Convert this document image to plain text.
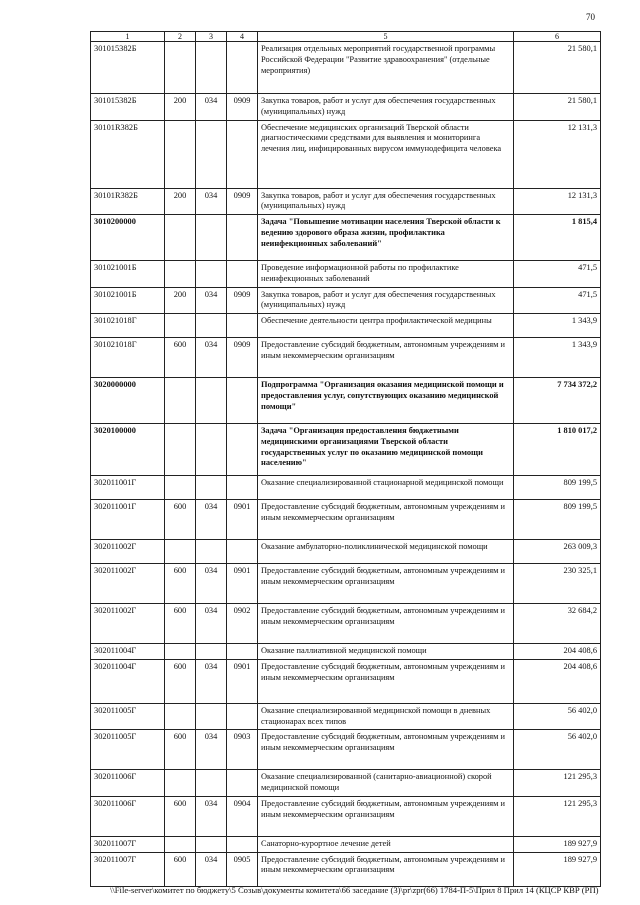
70
1	2	3	4	5	6
301015382Б				Реализация отдельных мероприятий государственной программы Российской Федерации "Развитие здравоохранения" (отдельные мероприятия)	21 580,1
301015382Б	200	034	0909	Закупка товаров, работ и услуг для обеспечения государственных (муниципальных) нужд	21 580,1
30101R382Б				Обеспечение медицинских организаций Тверской области диагностическими средствами для выявления и мониторинга лечения лиц, инфицированных вирусом иммунодефицита человека	12 131,3
30101R382Б	200	034	0909	Закупка товаров, работ и услуг для обеспечения государственных (муниципальных) нужд	12 131,3
3010200000				Задача "Повышение мотивации населения Тверской области к ведению здорового образа жизни, профилактика неинфекционных заболеваний"	1 815,4
301021001Б				Проведение информационной работы по профилактике неинфекционных заболеваний	471,5
301021001Б	200	034	0909	Закупка товаров, работ и услуг для обеспечения государственных (муниципальных) нужд	471,5
301021018Г				Обеспечение деятельности центра профилактической медицины	1 343,9
301021018Г	600	034	0909	Предоставление субсидий бюджетным, автономным учреждениям и иным некоммерческим организациям	1 343,9
3020000000				Подпрограмма "Организация оказания медицинской помощи и предоставления услуг, сопутствующих оказанию медицинской помощи"	7 734 372,2
3020100000				Задача "Организация предоставления бюджетными медицинскими организациями Тверской области государственных услуг по оказанию медицинской помощи населению"	1 810 017,2
302011001Г				Оказание специализированной стационарной медицинской помощи	809 199,5
302011001Г	600	034	0901	Предоставление субсидий бюджетным, автономным учреждениям и иным некоммерческим организациям	809 199,5
302011002Г				Оказание амбулаторно-поликлинической медицинской помощи	263 009,3
302011002Г	600	034	0901	Предоставление субсидий бюджетным, автономным учреждениям и иным некоммерческим организациям	230 325,1
302011002Г	600	034	0902	Предоставление субсидий бюджетным, автономным учреждениям и иным некоммерческим организациям	32 684,2
302011004Г				Оказание паллиативной медицинской помощи	204 408,6
302011004Г	600	034	0901	Предоставление субсидий бюджетным, автономным учреждениям и иным некоммерческим организациям	204 408,6
302011005Г				Оказание специализированной медицинской помощи в дневных стационарах всех типов	56 402,0
302011005Г	600	034	0903	Предоставление субсидий бюджетным, автономным учреждениям и иным некоммерческим организациям	56 402,0
302011006Г				Оказание специализированной (санитарно-авиационной) скорой медицинской помощи	121 295,3
302011006Г	600	034	0904	Предоставление субсидий бюджетным, автономным учреждениям и иным некоммерческим организациям	121 295,3
302011007Г				Санаторно-курортное лечение детей	189 927,9
302011007Г	600	034	0905	Предоставление субсидий бюджетным, автономным учреждениям и иным некоммерческим организациям	189 927,9
\\File-server\комитет по бюджету\5 Созыв\документы комитета\66 заседание (3)\pr\zpr(66) 1784-П-5\Прил 8 Прил 14 (КЦСР КВР (РП)
